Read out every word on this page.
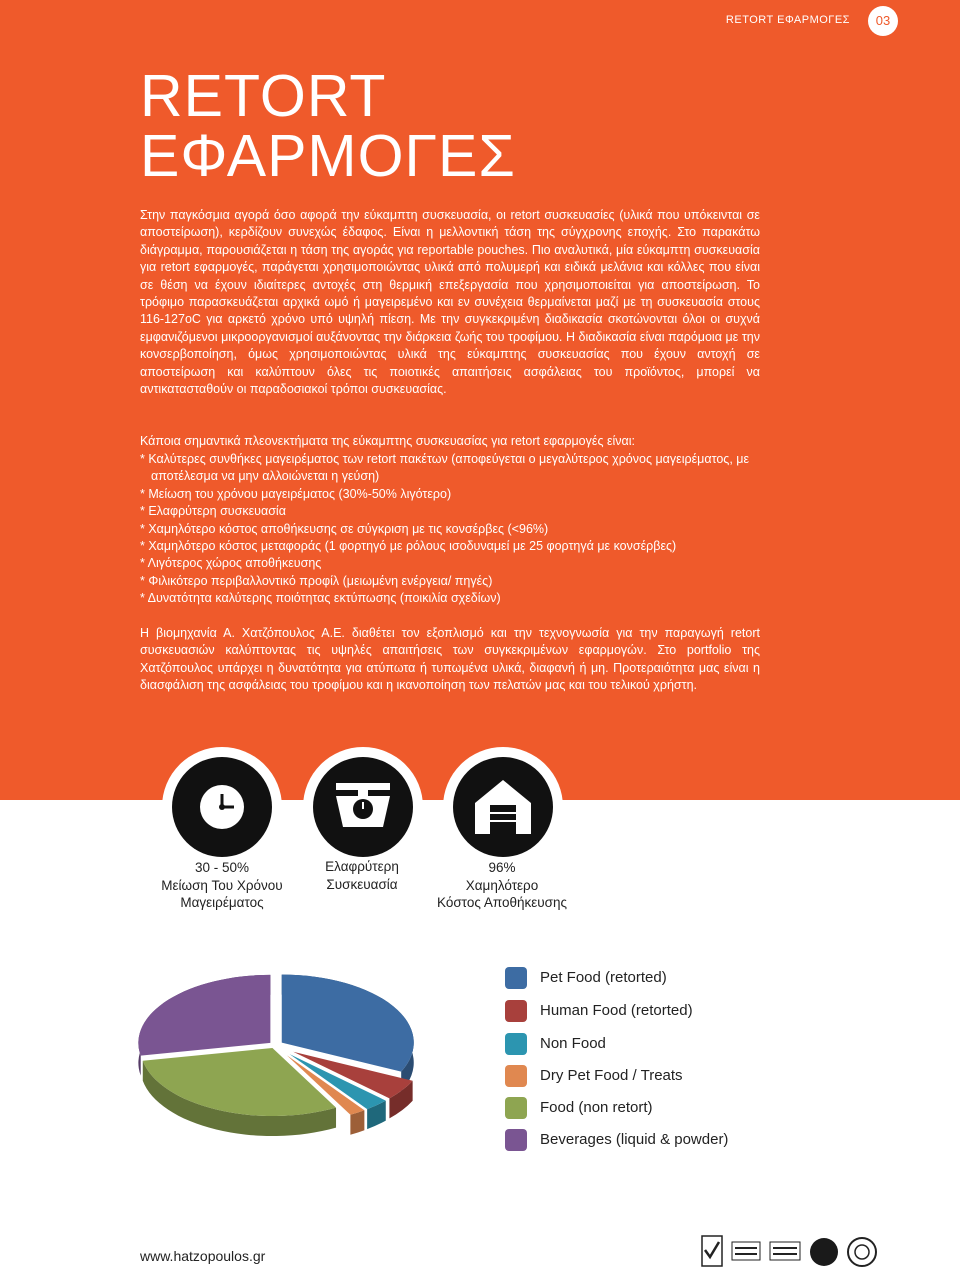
RETORT ΕΦΑΡΜΟΓΕΣ	03
RETORT
ΕΦΑΡΜΟΓΕΣ
Στην παγκόσμια αγορά όσο αφορά την εύκαμπτη συσκευασία, οι retort συσκευασίες (υλικά που υπόκεινται σε αποστείρωση), κερδίζουν συνεχώς έδαφος. Είναι η μελλοντική τάση της σύγχρονης εποχής. Στο παρακάτω διάγραμμα, παρουσιάζεται η τάση της αγοράς για reportable pouches. Πιο αναλυτικά, μία εύκαμπτη συσκευασία για retort εφαρμογές, παράγεται χρησιμοποιώντας υλικά από πολυμερή και ειδικά μελάνια και κόλλες που είναι σε θέση να έχουν ιδιαίτερες αντοχές στη θερμική επεξεργασία που χρησιμοποιείται για αποστείρωση. Το τρόφιμο παρασκευάζεται αρχικά ωμό ή μαγειρεμένο και εν συνέχεια θερμαίνεται μαζί με τη συσκευασία στους 116-127oC για αρκετό χρόνο υπό υψηλή πίεση. Με την συγκεκριμένη διαδικασία σκοτώνονται όλοι οι συχνά εμφανιζόμενοι μικροοργανισμοί αυξάνοντας την διάρκεια ζωής του τροφίμου. Η διαδικασία είναι παρόμοια με την κονσερβοποίηση, όμως χρησιμοποιώντας υλικά της εύκαμπτης συσκευασίας που έχουν αντοχή σε αποστείρωση και καλύπτουν όλες τις ποιοτικές απαιτήσεις ασφάλειας του προϊόντος, μπορεί να αντικατασταθούν οι παραδοσιακοί τρόποι συσκευασίας.
Κάποια σημαντικά πλεονεκτήματα της εύκαμπτης συσκευασίας για retort εφαρμογές είναι:
* Καλύτερες συνθήκες μαγειρέματος των retort πακέτων (αποφεύγεται ο μεγαλύτερος χρόνος μαγειρέματος, με αποτέλεσμα να μην αλλοιώνεται η γεύση)
* Μείωση του χρόνου μαγειρέματος (30%-50% λιγότερο)
* Ελαφρύτερη συσκευασία
* Χαμηλότερο κόστος αποθήκευσης σε σύγκριση με τις κονσέρβες (<96%)
* Χαμηλότερο κόστος μεταφοράς (1 φορτηγό με ρόλους ισοδυναμεί με 25 φορτηγά με κονσέρβες)
* Λιγότερος χώρος αποθήκευσης
* Φιλικότερο περιβαλλοντικό προφίλ (μειωμένη ενέργεια/ πηγές)
* Δυνατότητα καλύτερης ποιότητας εκτύπωσης (ποικιλία σχεδίων)
Η βιομηχανία Α. Χατζόπουλος Α.Ε. διαθέτει τον εξοπλισμό και την τεχνογνωσία για την παραγωγή retort συσκευασιών καλύπτοντας τις υψηλές απαιτήσεις των συγκεκριμένων εφαρμογών. Στο portfolio της Χατζόπουλος υπάρχει η δυνατότητα για ατύπωτα ή τυπωμένα υλικά, διαφανή ή μη. Προτεραιότητα μας είναι η διασφάλιση της ασφάλειας του τροφίμου και η ικανοποίηση των πελατών μας και του τελικού χρήστη.
30 - 50%
Μείωση Του Χρόνου
Μαγειρέματος
Ελαφρύτερη
Συσκευασία
96%
Χαμηλότερο
Κόστος Αποθήκευσης
Pet Food (retorted)
Human Food (retorted)
Non Food
Dry Pet Food / Treats
Food (non retort)
Beverages (liquid & powder)
www.hatzopoulos.gr
